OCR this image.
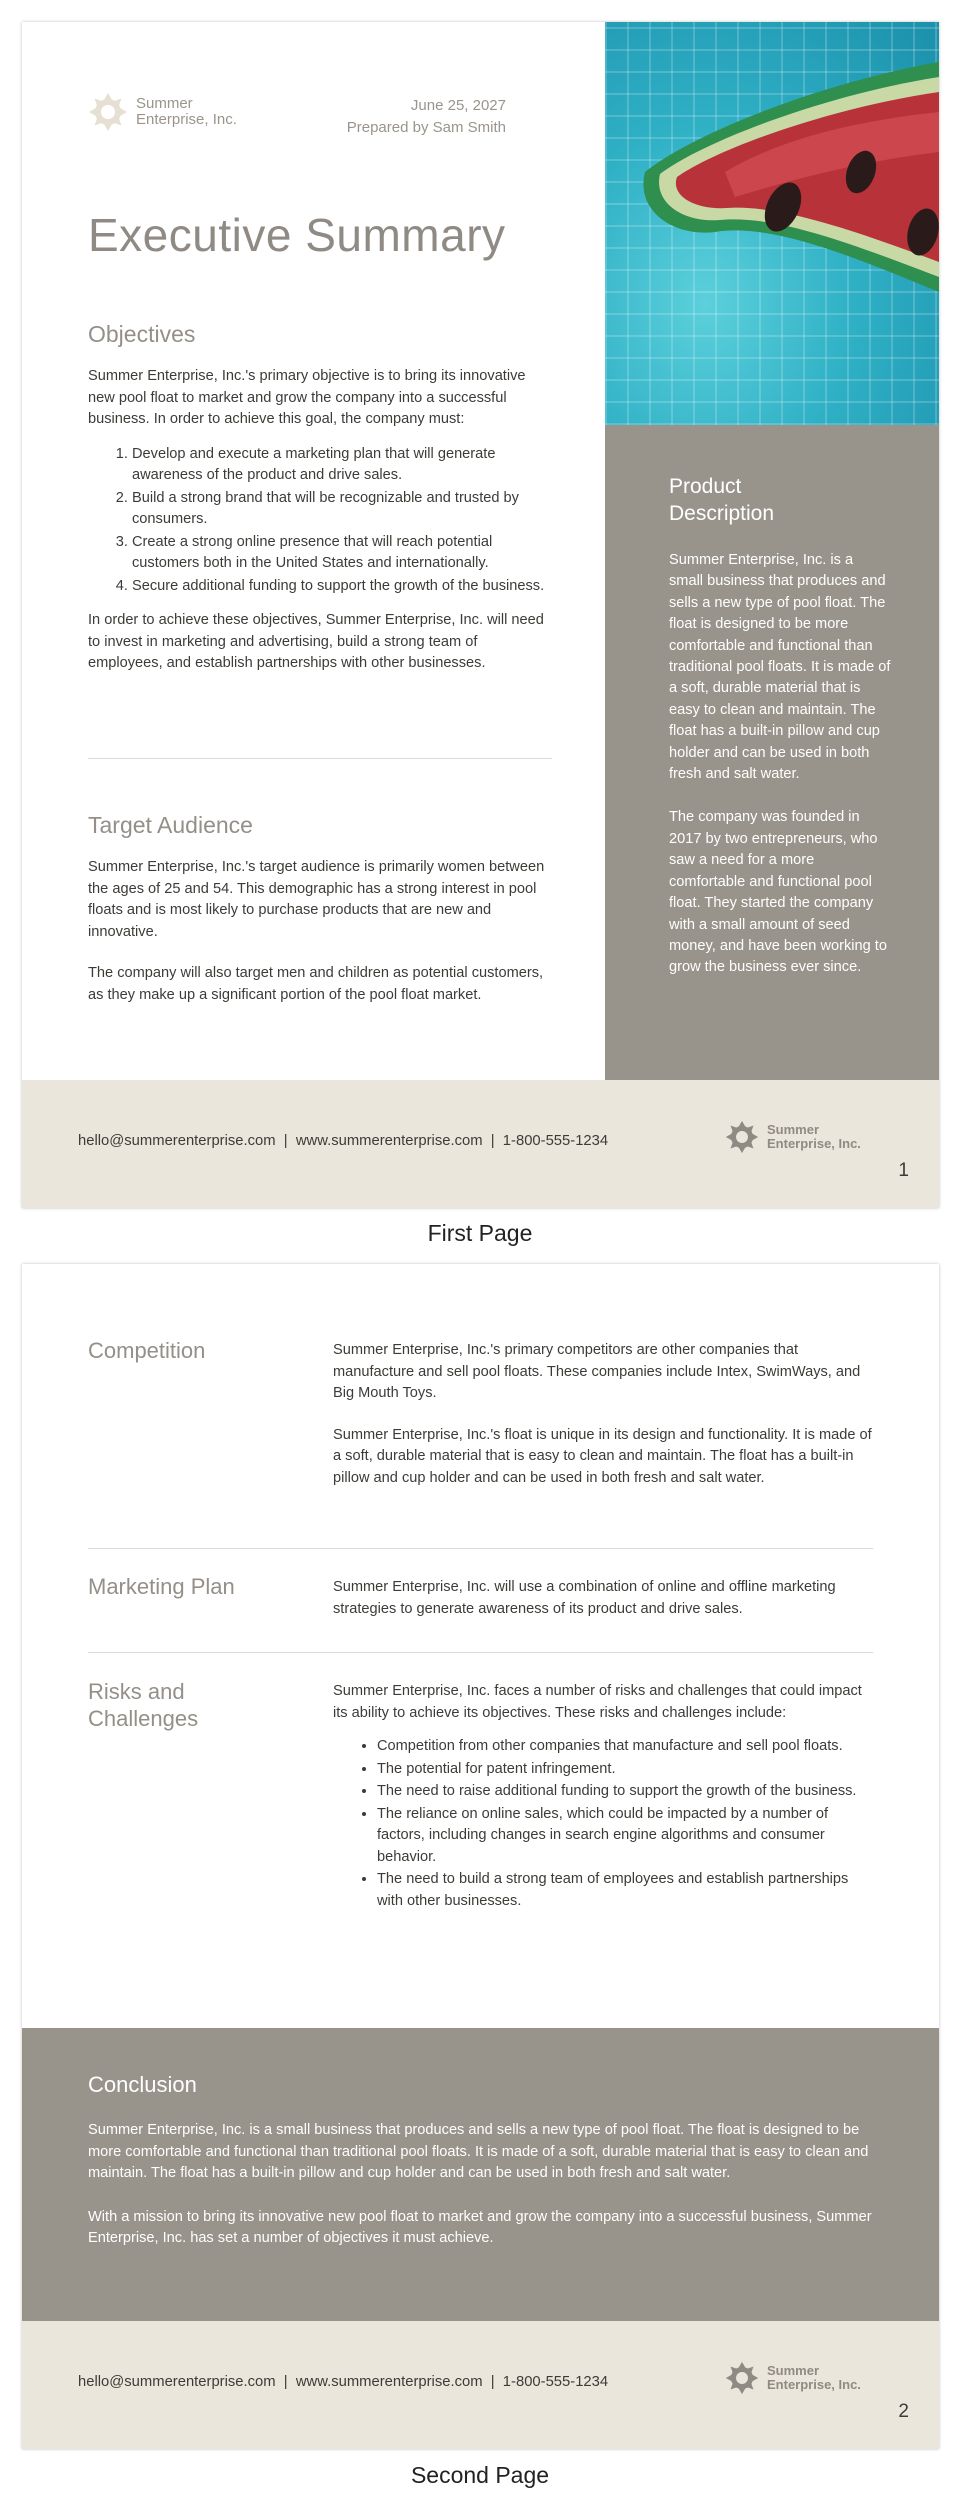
Summer
Enterprise, Inc.
June 25, 2027
Prepared by Sam Smith
Executive Summary
Objectives

Summer Enterprise, Inc.'s primary objective is to bring its innovative new pool float to market and grow the company into a successful business. In order to achieve this goal, the company must:

1. Develop and execute a marketing plan that will generate awareness of the product and drive sales.
2. Build a strong brand that will be recognizable and trusted by consumers.
3. Create a strong online presence that will reach potential customers both in the United States and internationally.
4. Secure additional funding to support the growth of the business.

In order to achieve these objectives, Summer Enterprise, Inc. will need to invest in marketing and advertising, build a strong team of employees, and establish partnerships with other businesses.

Target Audience

Summer Enterprise, Inc.'s target audience is primarily women between the ages of 25 and 54. This demographic has a strong interest in pool floats and is most likely to purchase products that are new and innovative.

The company will also target men and children as potential customers, as they make up a significant portion of the pool float market.

Product Description

Summer Enterprise, Inc. is a small business that produces and sells a new type of pool float. The float is designed to be more comfortable and functional than traditional pool floats. It is made of a soft, durable material that is easy to clean and maintain. The float has a built-in pillow and cup holder and can be used in both fresh and salt water.

The company was founded in 2017 by two entrepreneurs, who saw a need for a more comfortable and functional pool float. They started the company with a small amount of seed money, and have been working to grow the business ever since.

hello@summerenterprise.com  |  www.summerenterprise.com  |  1-800-555-1234
Summer
Enterprise, Inc.
1
First Page
Competition	Summer Enterprise, Inc.'s primary competitors are other companies that manufacture and sell pool floats. These companies include Intex, SwimWays, and Big Mouth Toys.

Summer Enterprise, Inc.'s float is unique in its design and functionality. It is made of a soft, durable material that is easy to clean and maintain. The float has a built-in pillow and cup holder and can be used in both fresh and salt water.

Marketing Plan	Summer Enterprise, Inc. will use a combination of online and offline marketing strategies to generate awareness of its product and drive sales.

Risks and Challenges

Summer Enterprise, Inc. faces a number of risks and challenges that could impact its ability to achieve its objectives. These risks and challenges include:

• Competition from other companies that manufacture and sell pool floats.
• The potential for patent infringement.
• The need to raise additional funding to support the growth of the business.
• The reliance on online sales, which could be impacted by a number of factors, including changes in search engine algorithms and consumer behavior.
• The need to build a strong team of employees and establish partnerships with other businesses.
Conclusion

Summer Enterprise, Inc. is a small business that produces and sells a new type of pool float. The float is designed to be more comfortable and functional than traditional pool floats. It is made of a soft, durable material that is easy to clean and maintain. The float has a built-in pillow and cup holder and can be used in both fresh and salt water.

With a mission to bring its innovative new pool float to market and grow the company into a successful business, Summer Enterprise, Inc. has set a number of objectives it must achieve.

hello@summerenterprise.com  |  www.summerenterprise.com  |  1-800-555-1234
Summer
Enterprise, Inc.
2
Second Page
